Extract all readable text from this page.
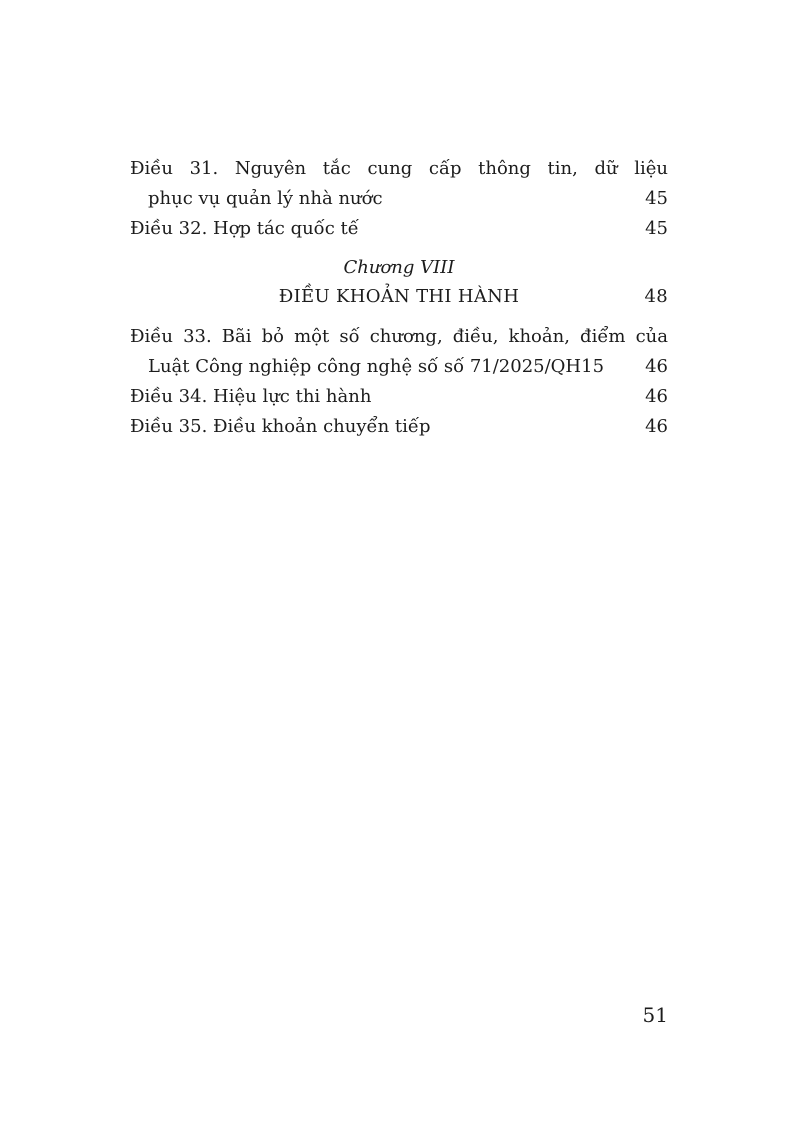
Điều 31. Nguyên tắc cung cấp thông tin, dữ liệu
phục vụ quản lý nhà nước	45
Điều 32. Hợp tác quốc tế	45
Chương VIII
ĐIỀU KHOẢN THI HÀNH	48
Điều 33. Bãi bỏ một số chương, điều, khoản, điểm của
Luật Công nghiệp công nghệ số số 71/2025/QH15 46
Điều 34. Hiệu lực thi hành	46
Điều 35. Điều khoản chuyển tiếp	46
51
